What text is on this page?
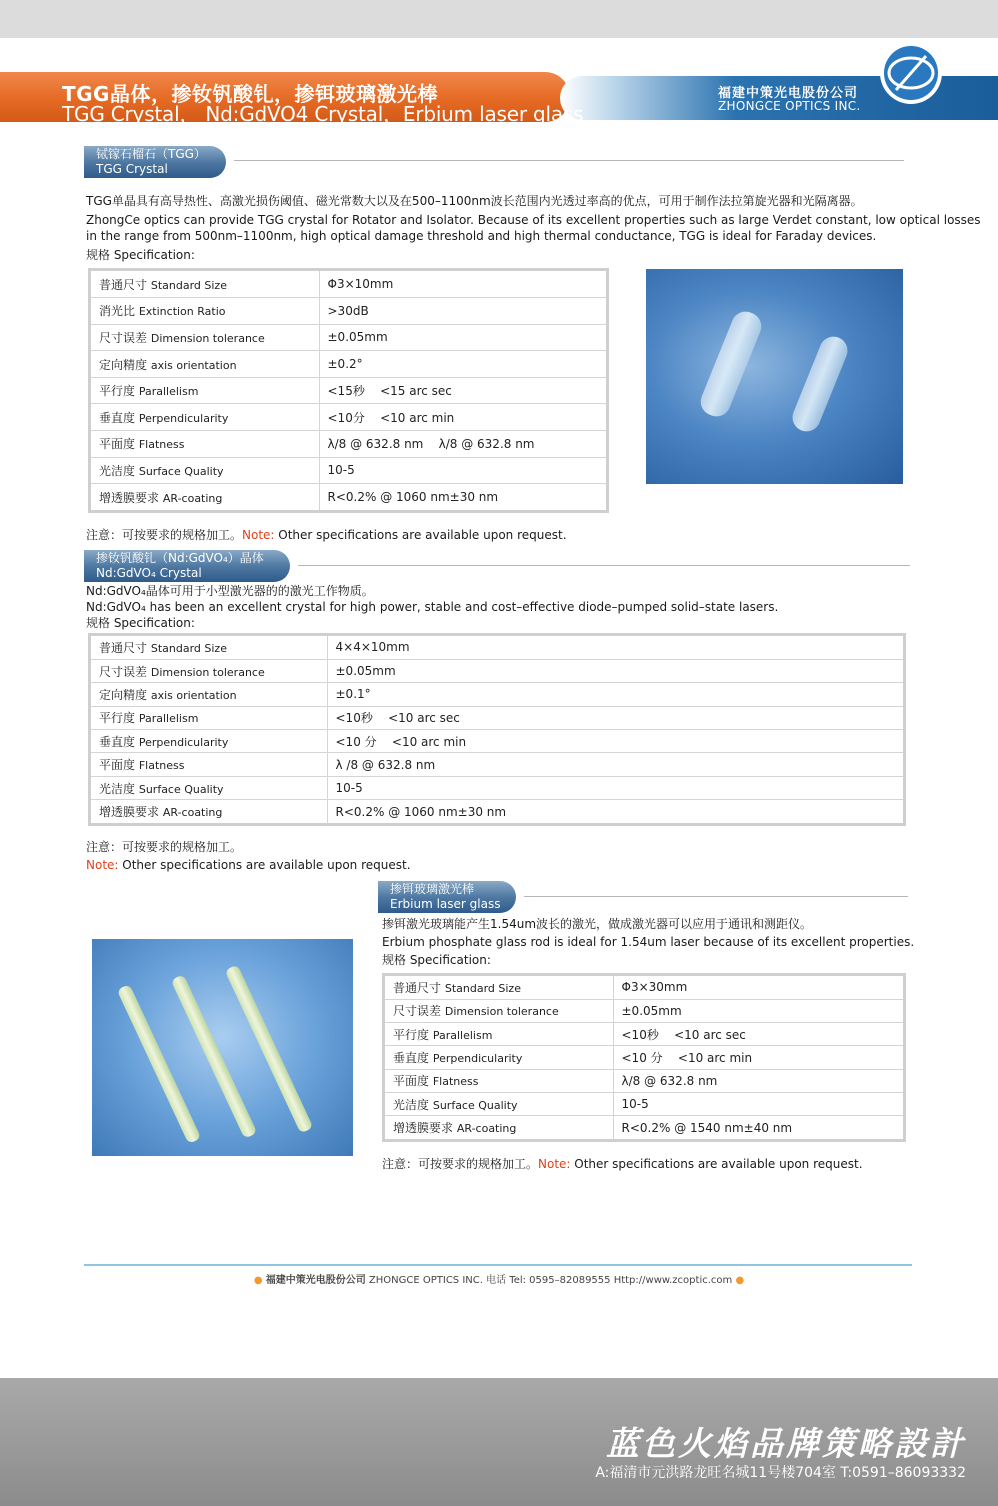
TGG晶体，掺钕钒酸钆，掺铒玻璃激光棒
TGG Crystal， Nd:GdVO4 Crystal，Erbium laser glass
福建中策光电股份公司
ZHONGCE OPTICS INC.
铽镓石榴石（TGG）
TGG Crystal
TGG单晶具有高导热性、高激光损伤阈值、磁光常数大以及在500–1100nm波长范围内光透过率高的优点，可用于制作法拉第旋光器和光隔离器。
ZhongCe optics can provide TGG crystal for Rotator and Isolator. Because of its excellent properties such as large Verdet constant, low optical losses
in the range from 500nm–1100nm, high optical damage threshold and high thermal conductance, TGG is ideal for Faraday devices.
规格 Specification:
普通尺寸 Standard Size	Φ3×10mm
消光比 Extinction Ratio	>30dB
尺寸误差 Dimension tolerance	±0.05mm
定向精度 axis orientation	±0.2°
平行度 Parallelism	<15秒    <15 arc sec
垂直度 Perpendicularity	<10分    <10 arc min
平面度 Flatness	λ/8 @ 632.8 nm    λ/8 @ 632.8 nm
光洁度 Surface Quality	10-5
增透膜要求 AR-coating	R<0.2% @ 1060 nm±30 nm
注意：可按要求的规格加工。Note: Other specifications are available upon request.
掺钕钒酸钆（Nd:GdVO₄）晶体
Nd:GdVO₄ Crystal
Nd:GdVO₄晶体可用于小型激光器的的激光工作物质。
Nd:GdVO₄ has been an excellent crystal for high power, stable and cost–effective diode–pumped solid–state lasers.
规格 Specification:
普通尺寸 Standard Size	4×4×10mm
尺寸误差 Dimension tolerance	±0.05mm
定向精度 axis orientation	±0.1°
平行度 Parallelism	<10秒    <10 arc sec
垂直度 Perpendicularity	<10 分    <10 arc min
平面度 Flatness	λ /8 @ 632.8 nm
光洁度 Surface Quality	10-5
增透膜要求 AR-coating	R<0.2% @ 1060 nm±30 nm
注意：可按要求的规格加工。
Note: Other specifications are available upon request.
掺铒玻璃激光棒
Erbium laser glass
掺铒激光玻璃能产生1.54um波长的激光，做成激光器可以应用于通讯和测距仪。
Erbium phosphate glass rod is ideal for 1.54um laser because of its excellent properties.
规格 Specification:
普通尺寸 Standard Size	Φ3×30mm
尺寸误差 Dimension tolerance	±0.05mm
平行度 Parallelism	<10秒    <10 arc sec
垂直度 Perpendicularity	<10 分    <10 arc min
平面度 Flatness	λ/8 @ 632.8 nm
光洁度 Surface Quality	10-5
增透膜要求 AR-coating	R<0.2% @ 1540 nm±40 nm
注意：可按要求的规格加工。Note: Other specifications are available upon request.
● 福建中策光电股份公司 ZHONGCE OPTICS INC. 电话 Tel: 0595–82089555 Http://www.zcoptic.com ●
蓝色火焰品牌策略設計
A:福清市元洪路龙旺名城11号楼704室 T:0591–86093332
